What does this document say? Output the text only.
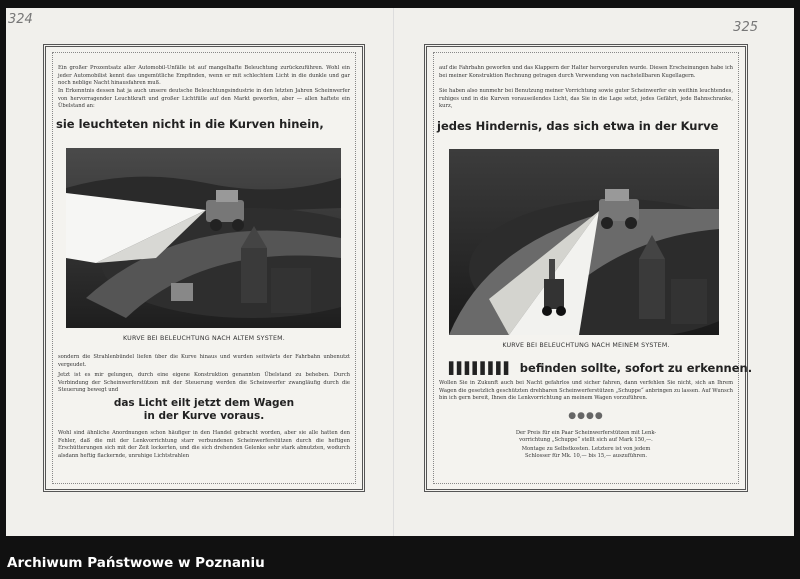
324
325
Ein großer Prozentsatz aller Automobil-Unfälle ist auf mangelhafte Beleuchtung zurückzuführen. Wohl ein jeder Automobilist kennt das ungemütliche Empfinden, wenn er mit schlechtem Licht in die dunkle und gar noch neblige Nacht hinausfahren muß.
In Erkenntnis dessen hat ja auch unsere deutsche Beleuchtungsindustrie in den letzten Jahren Scheinwerfer von hervorragender Leuchtkraft und großer Lichtfülle auf den Markt geworfen, aber — allen haftete ein Übelstand an:
sie leuchteten nicht in die Kurven hinein,
KURVE BEI BELEUCHTUNG NACH ALTEM SYSTEM.
sondern die Strahlenbündel liefen über die Kurve hinaus und wurden seitwärts der Fahrbahn unbenutzt vergeudet.
Jetzt ist es mir gelungen, durch eine eigene Konstruktion genannten Übelstand zu beheben. Durch Verbindung der Scheinwerferstützen mit der Steuerung werden die Scheinwerfer zwangläufig durch die Steuerung bewegt und
das Licht eilt jetzt dem Wagen
in der Kurve voraus.
Wohl sind ähnliche Anordnungen schon häufiger in den Handel gebracht worden, aber sie alle hatten den Fehler, daß die mit der Lenkvorrichtung starr verbundenen Scheinwerferstützen durch die heftigen Erschütterungen sich mit der Zeit lockerten, und die sich drehenden Gelenke sehr stark abnutzten, wodurch alsdann heftig flackernde, unruhige Lichtstrahlen
auf die Fahrbahn geworfen und das Klappern der Halter hervorgerufen wurde. Diesen Erscheinungen habe ich bei meiner Konstruktion Rechnung getragen durch Verwendung von nachstellbaren Kugellagern.
Sie haben also nunmehr bei Benutzung meiner Vorrichtung sowie guter Scheinwerfer ein weithin leuchtendes, ruhiges und in die Kurven vorauseilendes Licht, das Sie in die Lage setzt, jedes Gefährt, jede Bahnschranke, kurz,
jedes Hindernis, das sich etwa in der Kurve
KURVE BEI BELEUCHTUNG NACH MEINEM SYSTEM.
▌▌▌▌▌▌▌▌ befinden sollte, sofort zu erkennen.
Wollen Sie in Zukunft auch bei Nacht gefahrlos und sicher fahren, dann verfehlen Sie nicht, sich an Ihrem Wagen die gesetzlich geschützten drehbaren Scheinwerferstützen „Schuppe“ anbringen zu lassen. Auf Wunsch bin ich gern bereit, Ihnen die Lenkvorrichtung an meinem Wagen vorzuführen.
●●●●
Der Preis für ein Paar Scheinwerferstützen mit Lenk-
vorrichtung „Schuppe“ stellt sich auf Mark 150,—.
Montage zu Selbstkosten. Letztere ist von jedem
Schlosser für Mk. 10,— bis 15,— auszuführen.
Archiwum Państwowe w Poznaniu
